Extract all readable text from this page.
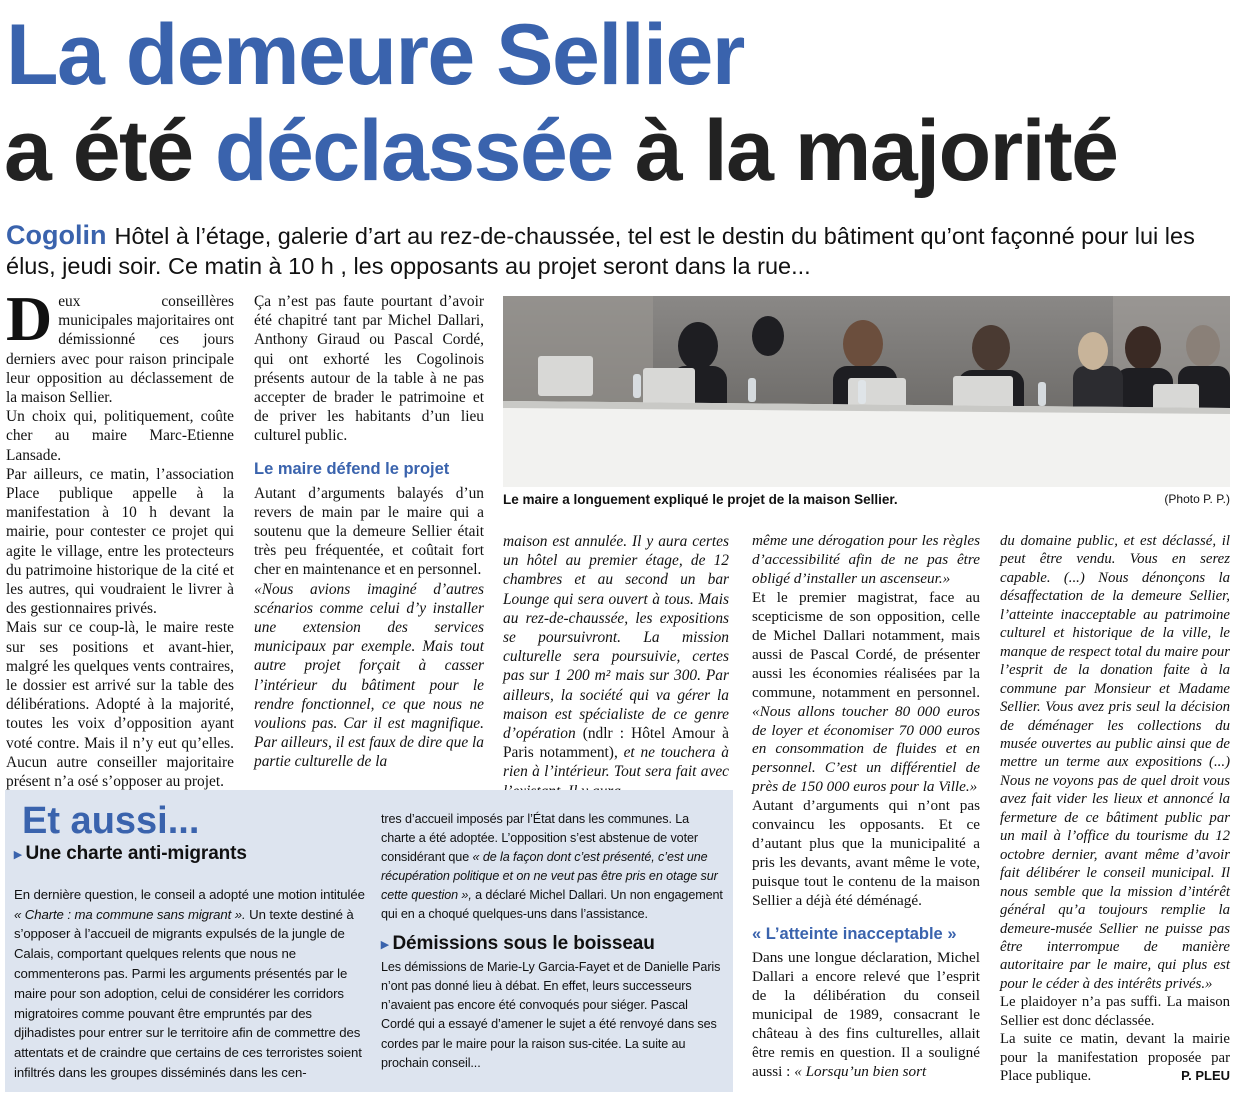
La demeure Sellier
a été déclassée à la majorité
Cogolin Hôtel à l’étage, galerie d’art au rez-de-chaussée, tel est le destin du bâtiment qu’ont façonné pour lui les élus, jeudi soir. Ce matin à 10 h , les opposants au projet seront dans la rue...

Deux conseillères municipales majoritaires ont démissionné ces jours derniers avec pour raison principale leur opposition au déclassement de la maison Sellier.

Un choix qui, politiquement, coûte cher au maire Marc-Etienne Lansade.

Par ailleurs, ce matin, l’association Place publique appelle à la manifestation à 10 h devant la mairie, pour contester ce projet qui agite le village, entre les protecteurs du patrimoine historique de la cité et les autres, qui voudraient le livrer à des gestionnaires privés.

Mais sur ce coup-là, le maire reste sur ses positions et avant-hier, malgré les quelques vents contraires, le dossier est arrivé sur la table des délibérations. Adopté à la majorité, toutes les voix d’opposition ayant voté contre. Mais il n’y eut qu’elles. Aucun autre conseiller majoritaire présent n’a osé s’opposer au projet.

Ça n’est pas faute pourtant d’avoir été chapitré tant par Michel Dallari, Anthony Giraud ou Pascal Cordé, qui ont exhorté les Cogolinois présents autour de la table à ne pas accepter de brader le patrimoine et de priver les habitants d’un lieu culturel public.

Le maire défend le projet

Autant d’arguments balayés d’un revers de main par le maire qui a soutenu que la demeure Sellier était très peu fréquentée, et coûtait fort cher en maintenance et en personnel.

«Nous avions imaginé d’autres scénarios comme celui d’y installer une extension des services municipaux par exemple. Mais tout autre projet forçait à casser l’intérieur du bâtiment pour le rendre fonctionnel, ce que nous ne voulions pas. Car il est magnifique. Par ailleurs, il est faux de dire que la partie culturelle de la

Le maire a longuement expliqué le projet de la maison Sellier.	(Photo P. P.)

maison est annulée. Il y aura certes un hôtel au premier étage, de 12 chambres et au second un bar Lounge qui sera ouvert à tous. Mais au rez-de-chaussée, les expositions se poursuivront. La mission culturelle sera poursuivie, certes pas sur 1 200 m² mais sur 300. Par ailleurs, la société qui va gérer la maison est spécialiste de ce genre d’opération (ndlr : Hôtel Amour à Paris notamment), et ne touchera à rien à l’intérieur. Tout sera fait avec

même une dérogation pour les règles d’accessibilité afin de ne pas être obligé d’installer un ascenseur.»

Et le premier magistrat, face au scepticisme de son opposition, celle de Michel Dallari notamment, mais aussi de Pascal Cordé, de présenter aussi les économies réalisées par la commune, notamment en personnel. «Nous allons toucher 80 000 euros de loyer et économiser 70 000 euros en consommation de fluides et en personnel. C’est un différentiel de près de 150 000 euros pour la Ville.»

Autant d’arguments qui n’ont pas convaincu les opposants. Et ce d’autant plus que la municipalité a pris les devants, avant même le vote, puisque tout le contenu de la maison Sellier a déjà été déménagé.

« L’atteinte inacceptable »

Dans une longue déclaration, Michel Dallari a encore relevé que l’esprit de la délibération du conseil municipal de 1989, consacrant le château à des fins culturelles, allait être remis en question. Il a souligné aussi : « Lorsqu’un bien sort

du domaine public, et est déclassé, il peut être vendu. Vous en serez capable. (...) Nous dénonçons la désaffectation de la demeure Sellier, l’atteinte inacceptable au patrimoine culturel et historique de la ville, le manque de respect total du maire pour l’esprit de la donation faite à la commune par Monsieur et Madame Sellier. Vous avez pris seul la décision de déménager les collections du musée ouvertes au public ainsi que de mettre un terme aux expositions (...) Nous ne voyons pas de quel droit vous avez fait vider les lieux et annoncé la fermeture de ce bâtiment public par un mail à l’office du tourisme du 12 octobre dernier, avant même d’avoir fait délibérer le conseil municipal. Il nous semble que la mission d’intérêt général qu’a toujours remplie la demeure-musée Sellier ne puisse pas être interrompue de manière autoritaire par le maire, qui plus est pour le céder à des intérêts privés.»

Le plaidoyer n’a pas suffi. La maison Sellier est donc déclassée.

La suite ce matin, devant la mairie pour la manifestation proposée par Place publique.	P. PLEU

Et aussi...
▸ Une charte anti-migrants

En dernière question, le conseil a adopté une motion intitulée « Charte : ma commune sans migrant ». Un texte destiné à s’opposer à l’accueil de migrants expulsés de la jungle de Calais, comportant quelques relents que nous ne commenterons pas. Parmi les arguments présentés par le maire pour son adoption, celui de considérer les corridors migratoires comme pouvant être empruntés par des djihadistes pour entrer sur le territoire afin de commettre des attentats et de craindre que certains de ces terroristes soient infiltrés dans les groupes disséminés dans les cen-

tres d’accueil imposés par l’État dans les communes. La charte a été adoptée. L’opposition s’est abstenue de voter considérant que « de la façon dont c’est présenté, c’est une récupération politique et on ne veut pas être pris en otage sur cette question », a déclaré Michel Dallari. Un non engagement qui en a choqué quelques-uns dans l’assistance.

▸ Démissions sous le boisseau

Les démissions de Marie-Ly Garcia-Fayet et de Danielle Paris n’ont pas donné lieu à débat. En effet, leurs successeurs n’avaient pas encore été convoqués pour siéger. Pascal Cordé qui a essayé d’amener le sujet a été renvoyé dans ses cordes par le maire pour la raison sus-citée. La suite au prochain conseil...
